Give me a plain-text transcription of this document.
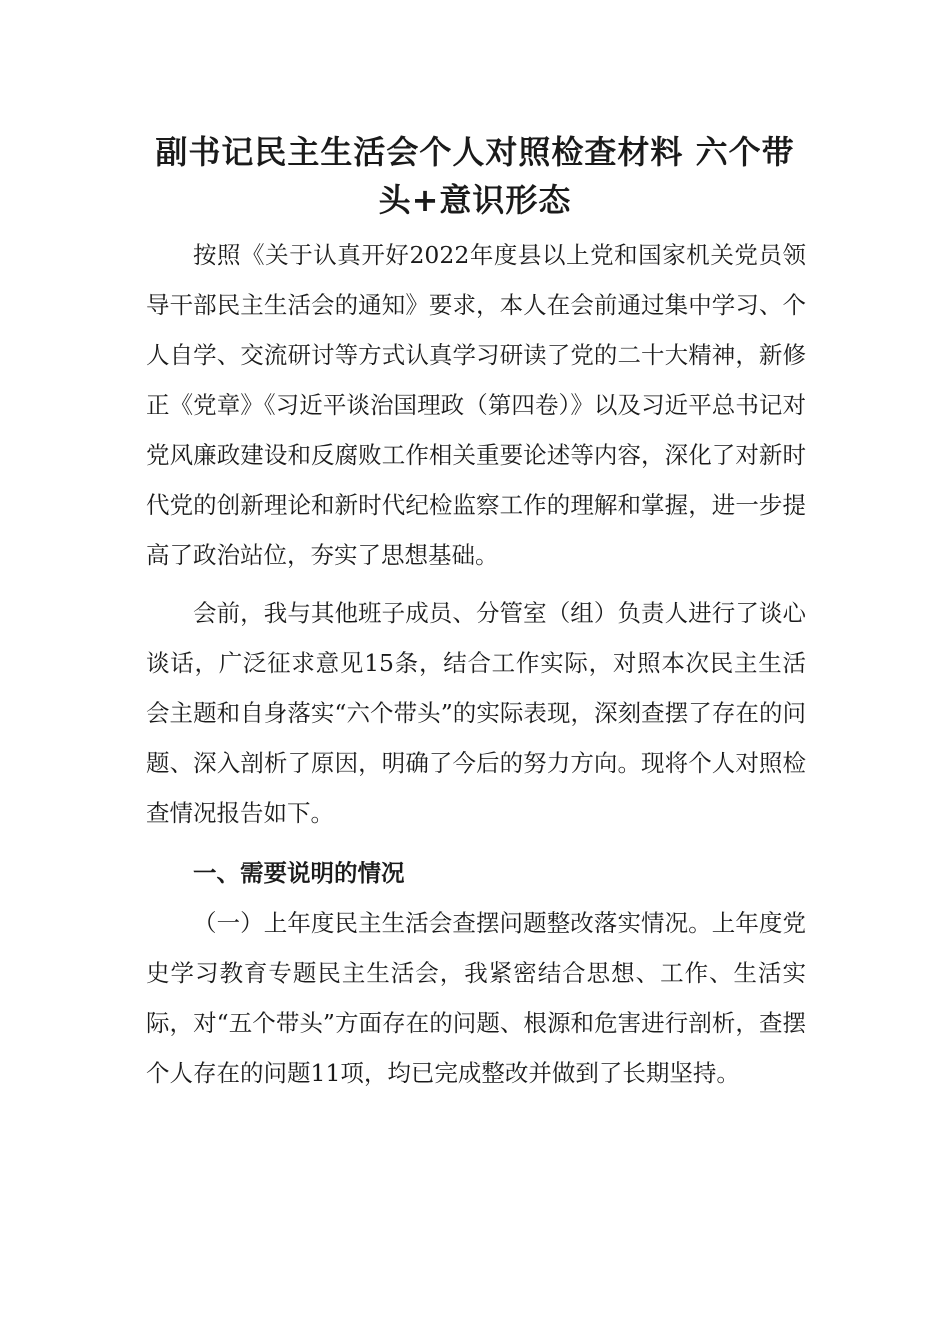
副书记民主生活会个人对照检查材料 六个带头+意识形态

按照《关于认真开好2022年度县以上党和国家机关党员领导干部民主生活会的通知》要求，本人在会前通过集中学习、个人自学、交流研讨等方式认真学习研读了党的二十大精神，新修正《党章》《习近平谈治国理政（第四卷）》以及习近平总书记对党风廉政建设和反腐败工作相关重要论述等内容，深化了对新时代党的创新理论和新时代纪检监察工作的理解和掌握，进一步提高了政治站位，夯实了思想基础。

会前，我与其他班子成员、分管室（组）负责人进行了谈心谈话，广泛征求意见15条，结合工作实际，对照本次民主生活会主题和自身落实“六个带头”的实际表现，深刻查摆了存在的问题、深入剖析了原因，明确了今后的努力方向。现将个人对照检查情况报告如下。

一、需要说明的情况

（一）上年度民主生活会查摆问题整改落实情况。上年度党史学习教育专题民主生活会，我紧密结合思想、工作、生活实际，对“五个带头”方面存在的问题、根源和危害进行剖析，查摆个人存在的问题11项，均已完成整改并做到了长期坚持。
